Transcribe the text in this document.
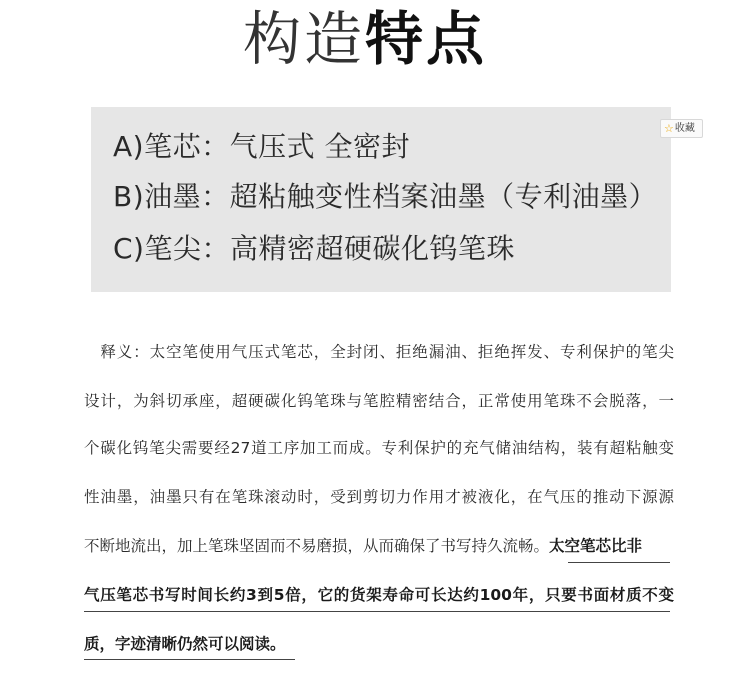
构造特点
A)笔芯：气压式 全密封
B)油墨：超粘触变性档案油墨（专利油墨）
C)笔尖：高精密超硬碳化钨笔珠
☆ 收藏
　释义：太空笔使用气压式笔芯，全封闭、拒绝漏油、拒绝挥发、专利保护的笔尖
设计，为斜切承座，超硬碳化钨笔珠与笔腔精密结合，正常使用笔珠不会脱落，一
个碳化钨笔尖需要经27道工序加工而成。专利保护的充气储油结构，装有超粘触变
性油墨，油墨只有在笔珠滚动时，受到剪切力作用才被液化，在气压的推动下源源
不断地流出，加上笔珠坚固而不易磨损，从而确保了书写持久流畅。太空笔芯比非
气压笔芯书写时间长约3到5倍，它的货架寿命可长达约100年，只要书面材质不变
质，字迹清晰仍然可以阅读。
